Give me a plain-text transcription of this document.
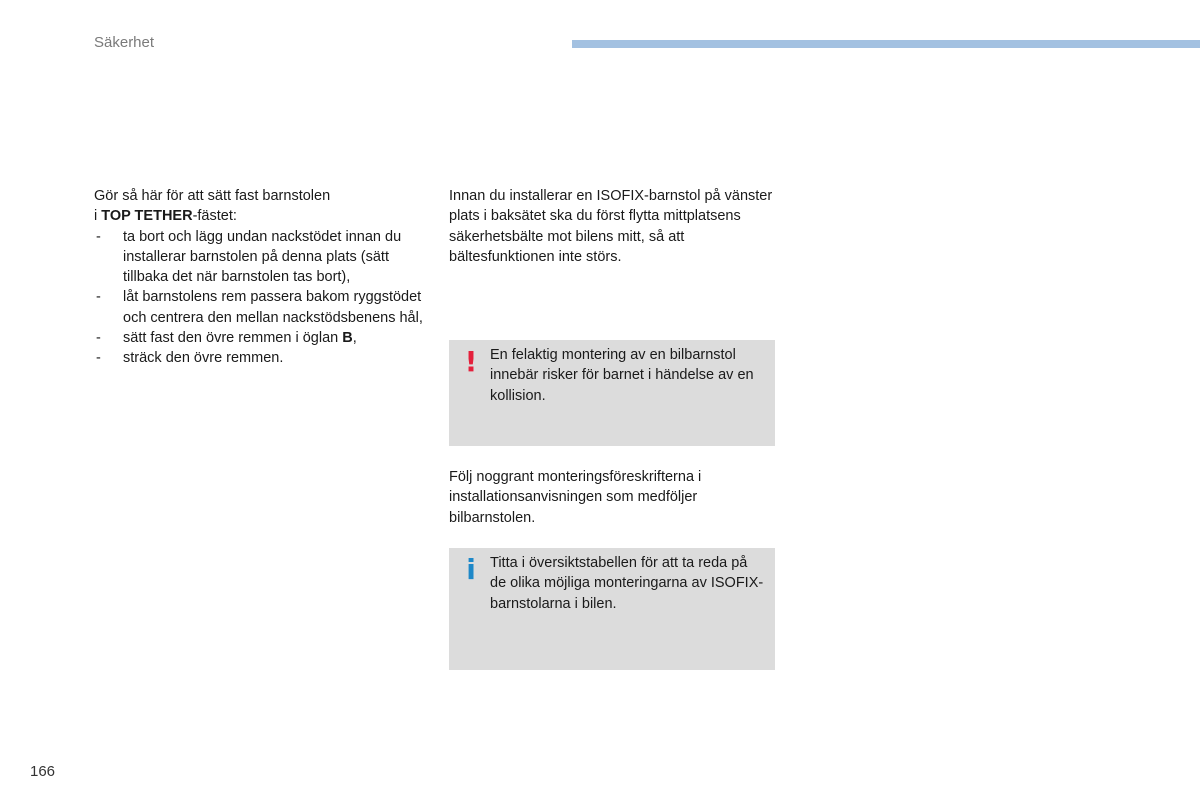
Säkerhet

Gör så här för att sätt fast barnstolen
i TOP TETHER-fästet:

- ta bort och lägg undan nackstödet innan du installerar barnstolen på denna plats (sätt tillbaka det när barnstolen tas bort),
- låt barnstolens rem passera bakom ryggstödet och centrera den mellan nackstödsbenens hål,
- sätt fast den övre remmen i öglan B,
- sträck den övre remmen.

Innan du installerar en ISOFIX-barnstol på vänster plats i baksätet ska du först flytta mittplatsens säkerhetsbälte mot bilens mitt, så att bältesfunktionen inte störs.

! En felaktig montering av en bilbarnstol innebär risker för barnet i händelse av en kollision.

Följ noggrant monteringsföreskrifterna i installationsanvisningen som medföljer bilbarnstolen.

i Titta i översiktstabellen för att ta reda på de olika möjliga monteringarna av ISOFIX-barnstolarna i bilen.
166
